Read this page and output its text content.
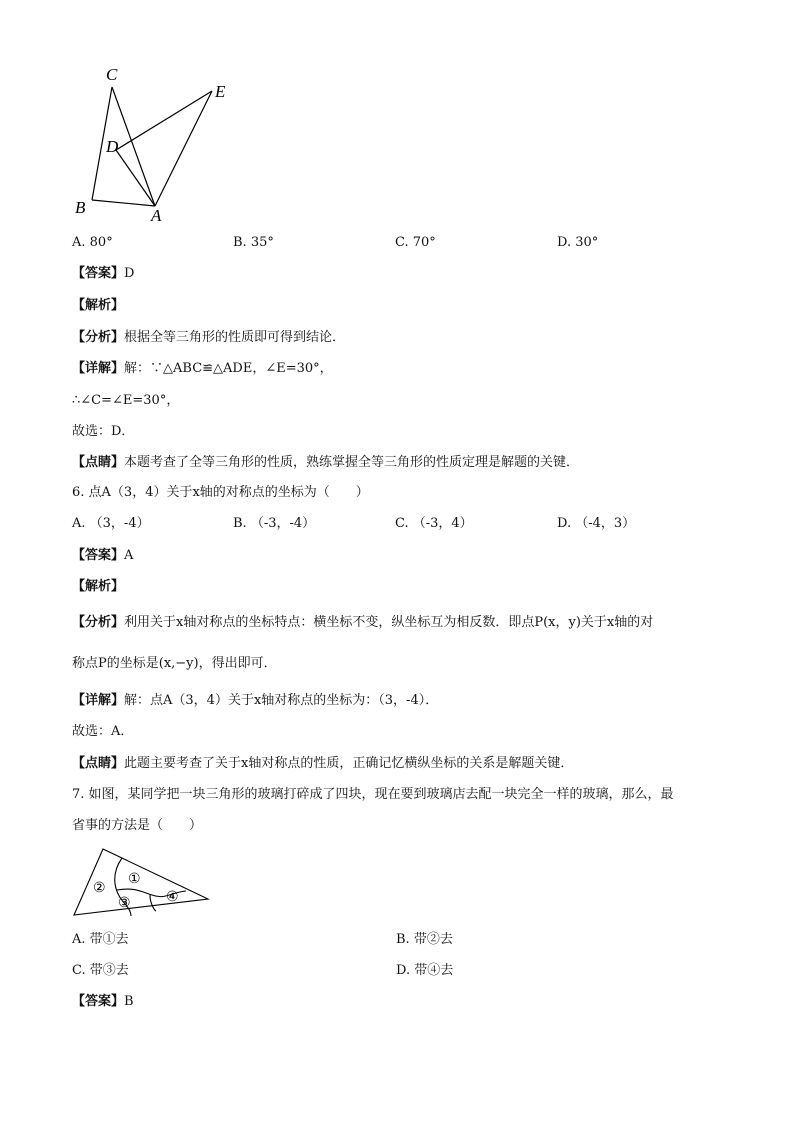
C
E
D
B	A
A. 80°	B. 35°	C. 70°	D. 30°
【答案】D
【解析】
【分析】根据全等三角形的性质即可得到结论．
【详解】解：∵△ABC≌△ADE，∠E=30°，
∴∠C=∠E=30°，
故选：D．
【点睛】本题考查了全等三角形的性质，熟练掌握全等三角形的性质定理是解题的关键．
6. 点A（3，4）关于x轴的对称点的坐标为（　　）
A. （3，-4）	B. （-3，-4）	C. （-3，4）	D. （-4，3）
【答案】A
【解析】
【分析】利用关于x轴对称点的坐标特点：横坐标不变，纵坐标互为相反数．即点P(x，y)关于x轴的对
称点P的坐标是(x,−y)，得出即可．
【详解】解：点A（3，4）关于x轴对称点的坐标为：（3，-4）．
故选：A．
【点睛】此题主要考查了关于x轴对称点的性质，正确记忆横纵坐标的关系是解题关键．
7. 如图，某同学把一块三角形的玻璃打碎成了四块，现在要到玻璃店去配一块完全一样的玻璃，那么，最
省事的方法是（　　）
①
②
③	④
A. 带①去	B. 带②去
C. 带③去	D. 带④去
【答案】B
